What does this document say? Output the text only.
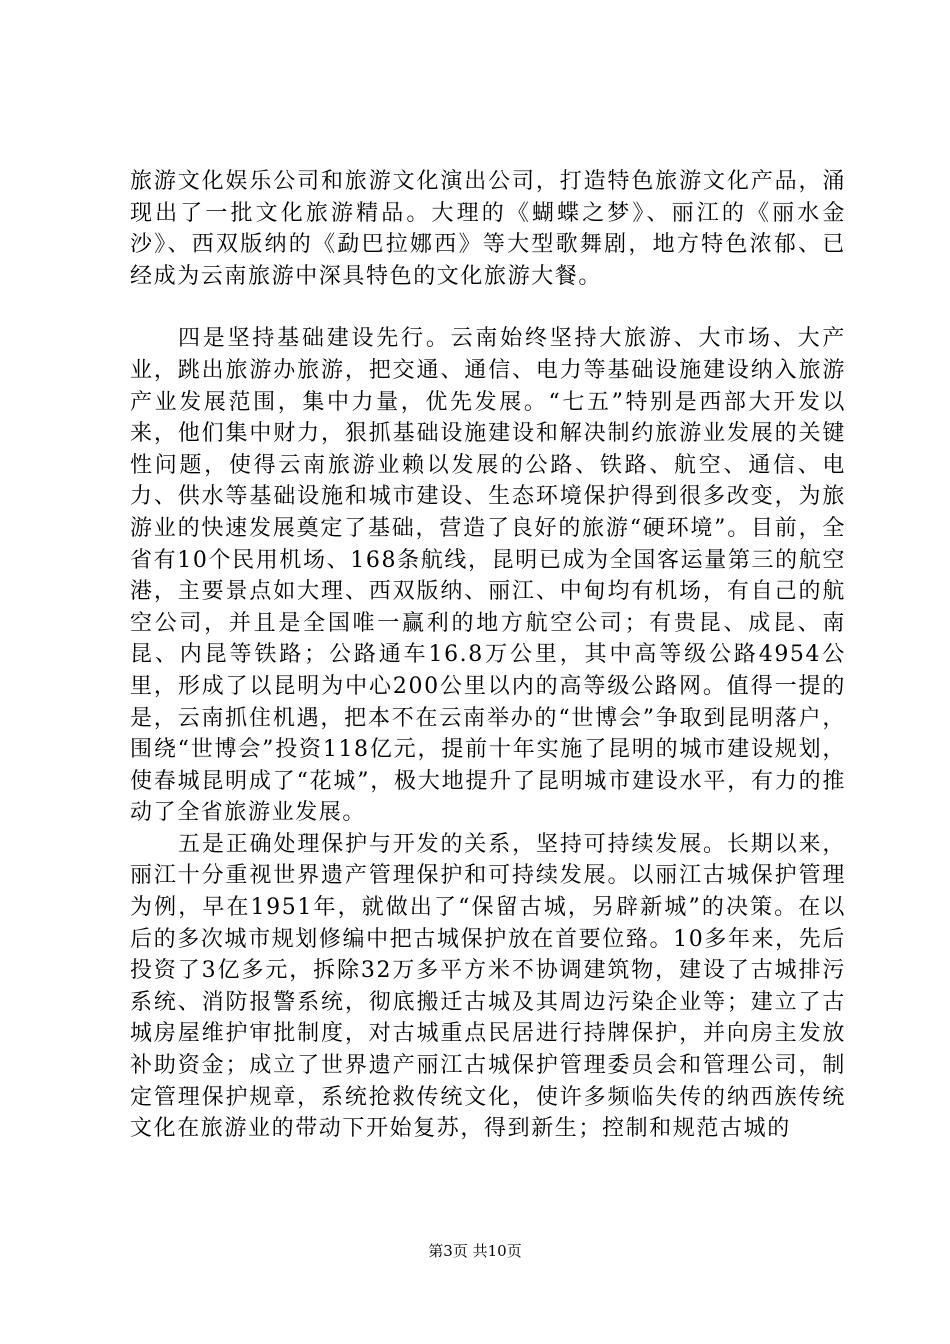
旅游文化娱乐公司和旅游文化演出公司，打造特色旅游文化产品，涌现出了一批文化旅游精品。大理的《蝴蝶之梦》、丽江的《丽水金沙》、西双版纳的《勐巴拉娜西》等大型歌舞剧，地方特色浓郁、已经成为云南旅游中深具特色的文化旅游大餐。

四是坚持基础建设先行。云南始终坚持大旅游、大市场、大产业，跳出旅游办旅游，把交通、通信、电力等基础设施建设纳入旅游产业发展范围，集中力量，优先发展。“七五”特别是西部大开发以来，他们集中财力，狠抓基础设施建设和解决制约旅游业发展的关键性问题，使得云南旅游业赖以发展的公路、铁路、航空、通信、电力、供水等基础设施和城市建设、生态环境保护得到很多改变，为旅游业的快速发展奠定了基础，营造了良好的旅游“硬环境”。目前，全省有10个民用机场、168条航线，昆明已成为全国客运量第三的航空港，主要景点如大理、西双版纳、丽江、中甸均有机场，有自己的航空公司，并且是全国唯一赢利的地方航空公司；有贵昆、成昆、南昆、内昆等铁路；公路通车16.8万公里，其中高等级公路4954公里，形成了以昆明为中心200公里以内的高等级公路网。值得一提的是，云南抓住机遇，把本不在云南举办的“世博会”争取到昆明落户，围绕“世博会”投资118亿元，提前十年实施了昆明的城市建设规划，使春城昆明成了“花城”，极大地提升了昆明城市建设水平，有力的推动了全省旅游业发展。

五是正确处理保护与开发的关系，坚持可持续发展。长期以来，丽江十分重视世界遗产管理保护和可持续发展。以丽江古城保护管理为例，早在1951年，就做出了“保留古城，另辟新城”的决策。在以后的多次城市规划修编中把古城保护放在首要位臵。10多年来，先后投资了3亿多元，拆除32万多平方米不协调建筑物，建设了古城排污系统、消防报警系统，彻底搬迁古城及其周边污染企业等；建立了古城房屋维护审批制度，对古城重点民居进行持牌保护，并向房主发放补助资金；成立了世界遗产丽江古城保护管理委员会和管理公司，制定管理保护规章，系统抢救传统文化，使许多频临失传的纳西族传统文化在旅游业的带动下开始复苏，得到新生；控制和规范古城的

第3页 共10页
